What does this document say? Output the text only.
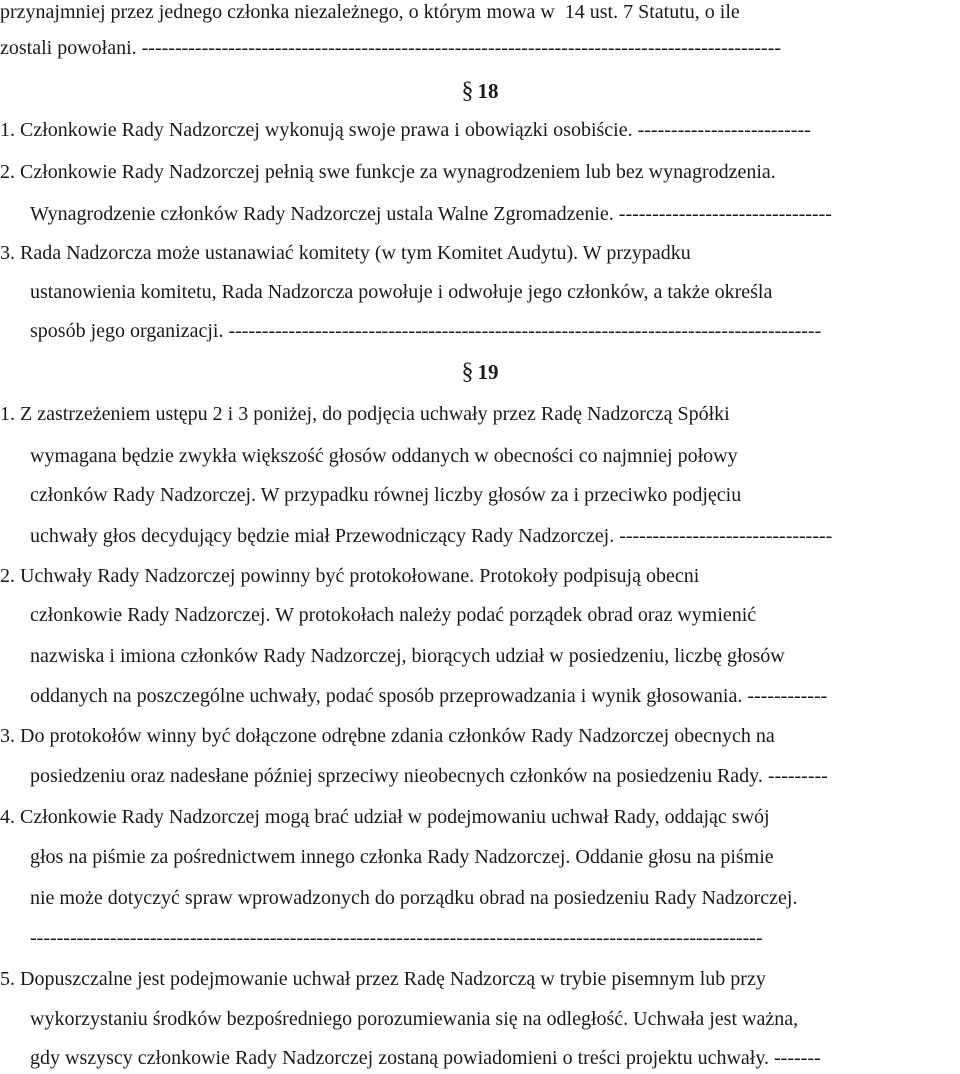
przynajmniej przez jednego członka niezależnego, o którym mowa w  14 ust. 7 Statutu, o ile
zostali powołani. ------------------------------------------------------------------------------------------------
§ 18
1. Członkowie Rady Nadzorczej wykonują swoje prawa i obowiązki osobiście. --------------------------
2. Członkowie Rady Nadzorczej pełnią swe funkcje za wynagrodzeniem lub bez wynagrodzenia.
Wynagrodzenie członków Rady Nadzorczej ustala Walne Zgromadzenie. --------------------------------
3. Rada Nadzorcza może ustanawiać komitety (w tym Komitet Audytu). W przypadku
ustanowienia komitetu, Rada Nadzorcza powołuje i odwołuje jego członków, a także określa
sposób jego organizacji. -----------------------------------------------------------------------------------------
§ 19
1. Z zastrzeżeniem ustępu 2 i 3 poniżej, do podjęcia uchwały przez Radę Nadzorczą Spółki
wymagana będzie zwykła większość głosów oddanych w obecności co najmniej połowy
członków Rady Nadzorczej. W przypadku równej liczby głosów za i przeciwko podjęciu
uchwały głos decydujący będzie miał Przewodniczący Rady Nadzorczej. --------------------------------
2. Uchwały Rady Nadzorczej powinny być protokołowane. Protokoły podpisują obecni
członkowie Rady Nadzorczej. W protokołach należy podać porządek obrad oraz wymienić
nazwiska i imiona członków Rady Nadzorczej, biorących udział w posiedzeniu, liczbę głosów
oddanych na poszczególne uchwały, podać sposób przeprowadzania i wynik głosowania. ------------
3. Do protokołów winny być dołączone odrębne zdania członków Rady Nadzorczej obecnych na
posiedzeniu oraz nadesłane później sprzeciwy nieobecnych członków na posiedzeniu Rady. ---------
4. Członkowie Rady Nadzorczej mogą brać udział w podejmowaniu uchwał Rady, oddając swój
głos na piśmie za pośrednictwem innego członka Rady Nadzorczej. Oddanie głosu na piśmie
nie może dotyczyć spraw wprowadzonych do porządku obrad na posiedzeniu Rady Nadzorczej.
--------------------------------------------------------------------------------------------------------------
5. Dopuszczalne jest podejmowanie uchwał przez Radę Nadzorczą w trybie pisemnym lub przy
wykorzystaniu środków bezpośredniego porozumiewania się na odległość. Uchwała jest ważna,
gdy wszyscy członkowie Rady Nadzorczej zostaną powiadomieni o treści projektu uchwały. -------
